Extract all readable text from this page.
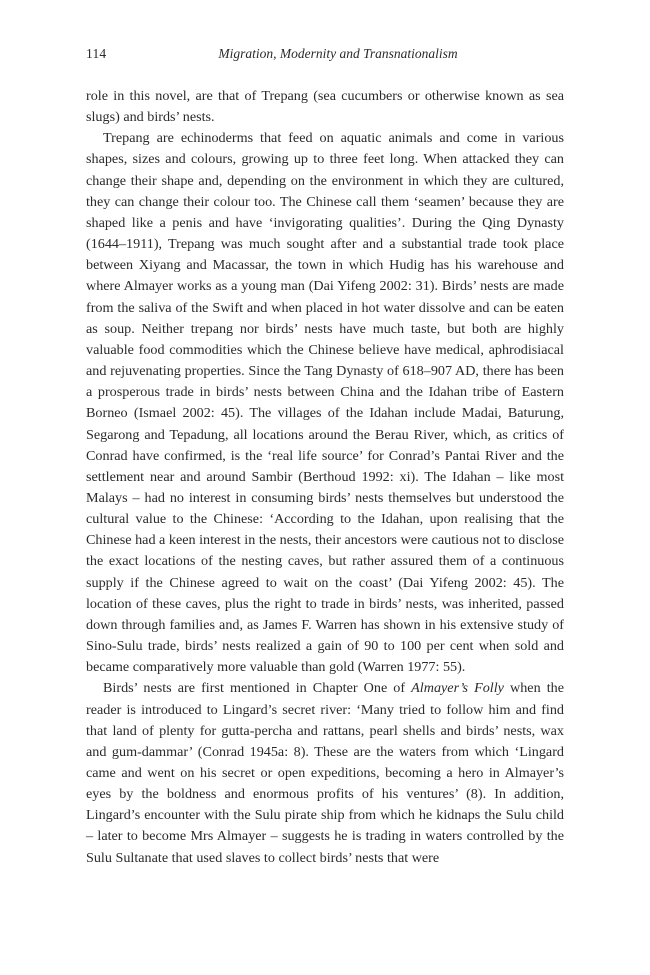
114	Migration, Modernity and Transnationalism

role in this novel, are that of Trepang (sea cucumbers or otherwise known as sea slugs) and birds’ nests.

Trepang are echinoderms that feed on aquatic animals and come in various shapes, sizes and colours, growing up to three feet long. When attacked they can change their shape and, depending on the environment in which they are cultured, they can change their colour too. The Chinese call them ‘seamen’ because they are shaped like a penis and have ‘invigorating qualities’. During the Qing Dynasty (1644–1911), Trepang was much sought after and a substantial trade took place between Xiyang and Macassar, the town in which Hudig has his warehouse and where Almayer works as a young man (Dai Yifeng 2002: 31). Birds’ nests are made from the saliva of the Swift and when placed in hot water dissolve and can be eaten as soup. Neither trepang nor birds’ nests have much taste, but both are highly valuable food commodities which the Chinese believe have medical, aphrodisiacal and rejuvenating properties. Since the Tang Dynasty of 618–907 AD, there has been a prosperous trade in birds’ nests between China and the Idahan tribe of Eastern Borneo (Ismael 2002: 45). The villages of the Idahan include Madai, Baturung, Segarong and Tepadung, all locations around the Berau River, which, as critics of Conrad have confirmed, is the ‘real life source’ for Conrad’s Pantai River and the settlement near and around Sambir (Berthoud 1992: xi). The Idahan – like most Malays – had no interest in consuming birds’ nests themselves but understood the cultural value to the Chinese: ‘According to the Idahan, upon realising that the Chinese had a keen interest in the nests, their ancestors were cautious not to disclose the exact locations of the nesting caves, but rather assured them of a continuous supply if the Chinese agreed to wait on the coast’ (Dai Yifeng 2002: 45). The location of these caves, plus the right to trade in birds’ nests, was inherited, passed down through families and, as James F. Warren has shown in his extensive study of Sino-Sulu trade, birds’ nests realized a gain of 90 to 100 per cent when sold and became comparatively more valuable than gold (Warren 1977: 55).

Birds’ nests are first mentioned in Chapter One of Almayer’s Folly when the reader is introduced to Lingard’s secret river: ‘Many tried to follow him and find that land of plenty for gutta-percha and rattans, pearl shells and birds’ nests, wax and gum-dammar’ (Conrad 1945a: 8). These are the waters from which ‘Lingard came and went on his secret or open expeditions, becoming a hero in Almayer’s eyes by the boldness and enormous profits of his ventures’ (8). In addition, Lingard’s encounter with the Sulu pirate ship from which he kidnaps the Sulu child – later to become Mrs Almayer – suggests he is trading in waters controlled by the Sulu Sultanate that used slaves to collect birds’ nests that were
